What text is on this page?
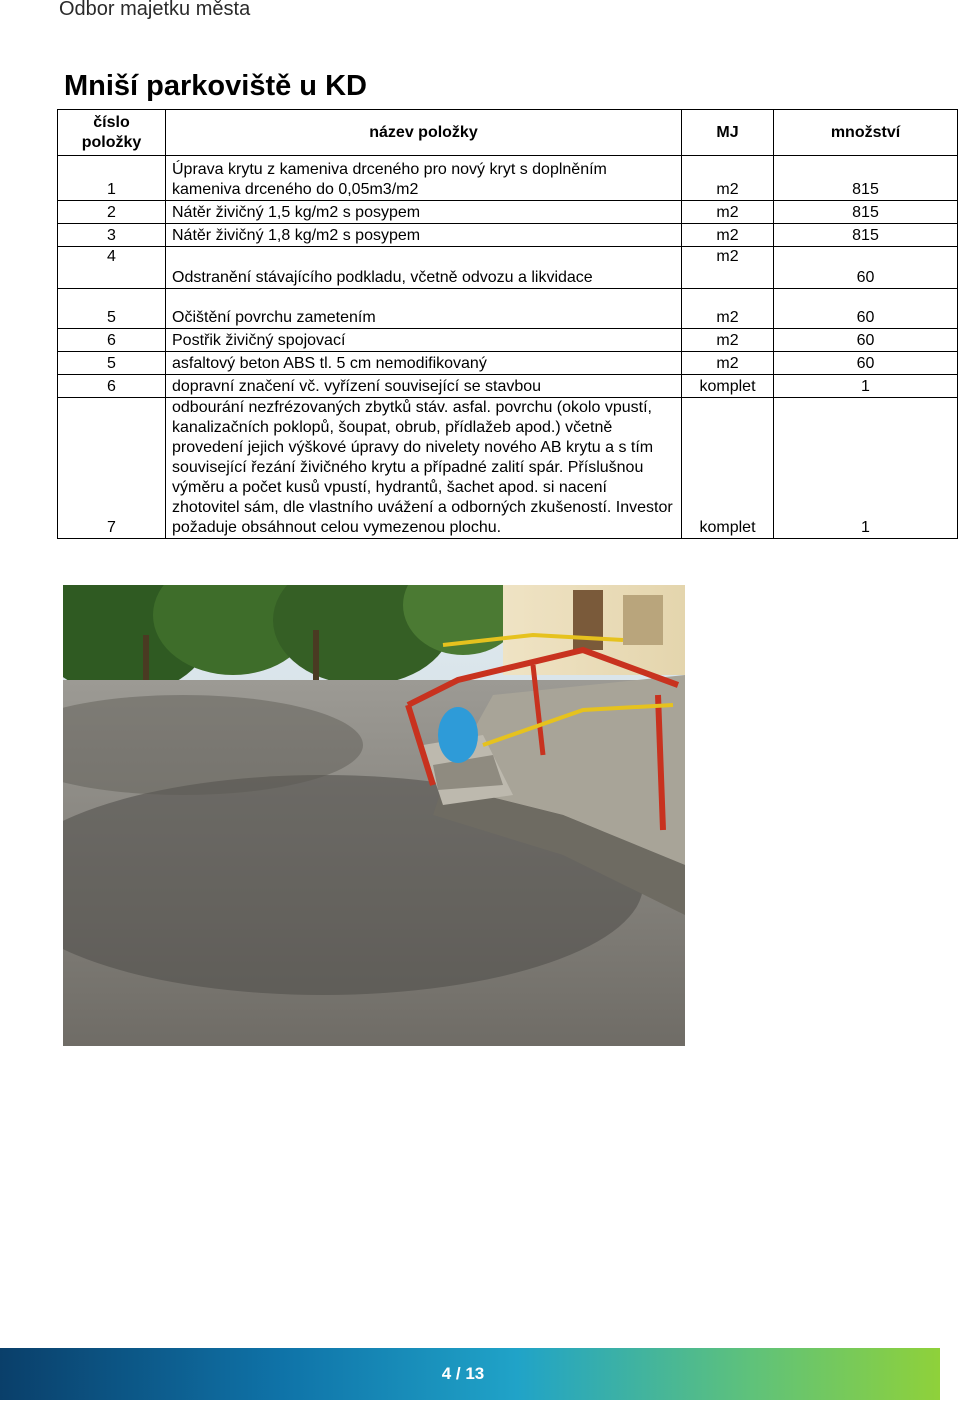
Odbor majetku města
Mniší parkoviště u KD
číslo položky	název položky	MJ	množství
1	Úprava krytu z kameniva drceného pro nový kryt s doplněním kameniva drceného do 0,05m3/m2	m2	815
2	Nátěr živičný 1,5 kg/m2 s posypem	m2	815
3	Nátěr živičný 1,8 kg/m2 s posypem	m2	815
4	Odstranění stávajícího podkladu, včetně odvozu a likvidace	m2	60
5	Očištění povrchu zametením	m2	60
6	Postřik živičný spojovací	m2	60
5	asfaltový beton ABS tl. 5 cm nemodifikovaný	m2	60
6	dopravní značení vč. vyřízení související se stavbou	komplet	1
7	odbourání nezfrézovaných zbytků stáv. asfal. povrchu (okolo vpustí, kanalizačních poklopů, šoupat, obrub, přídlažeb apod.) včetně provedení jejich výškové úpravy do nivelety nového AB krytu a s tím související řezání živičného krytu a případné zalití spár. Příslušnou výměru a počet kusů vpustí, hydrantů, šachet apod. si nacení zhotovitel sám, dle vlastního uvážení a odborných zkušeností. Investor požaduje obsáhnout celou vymezenou plochu.	komplet	1
4 / 13
